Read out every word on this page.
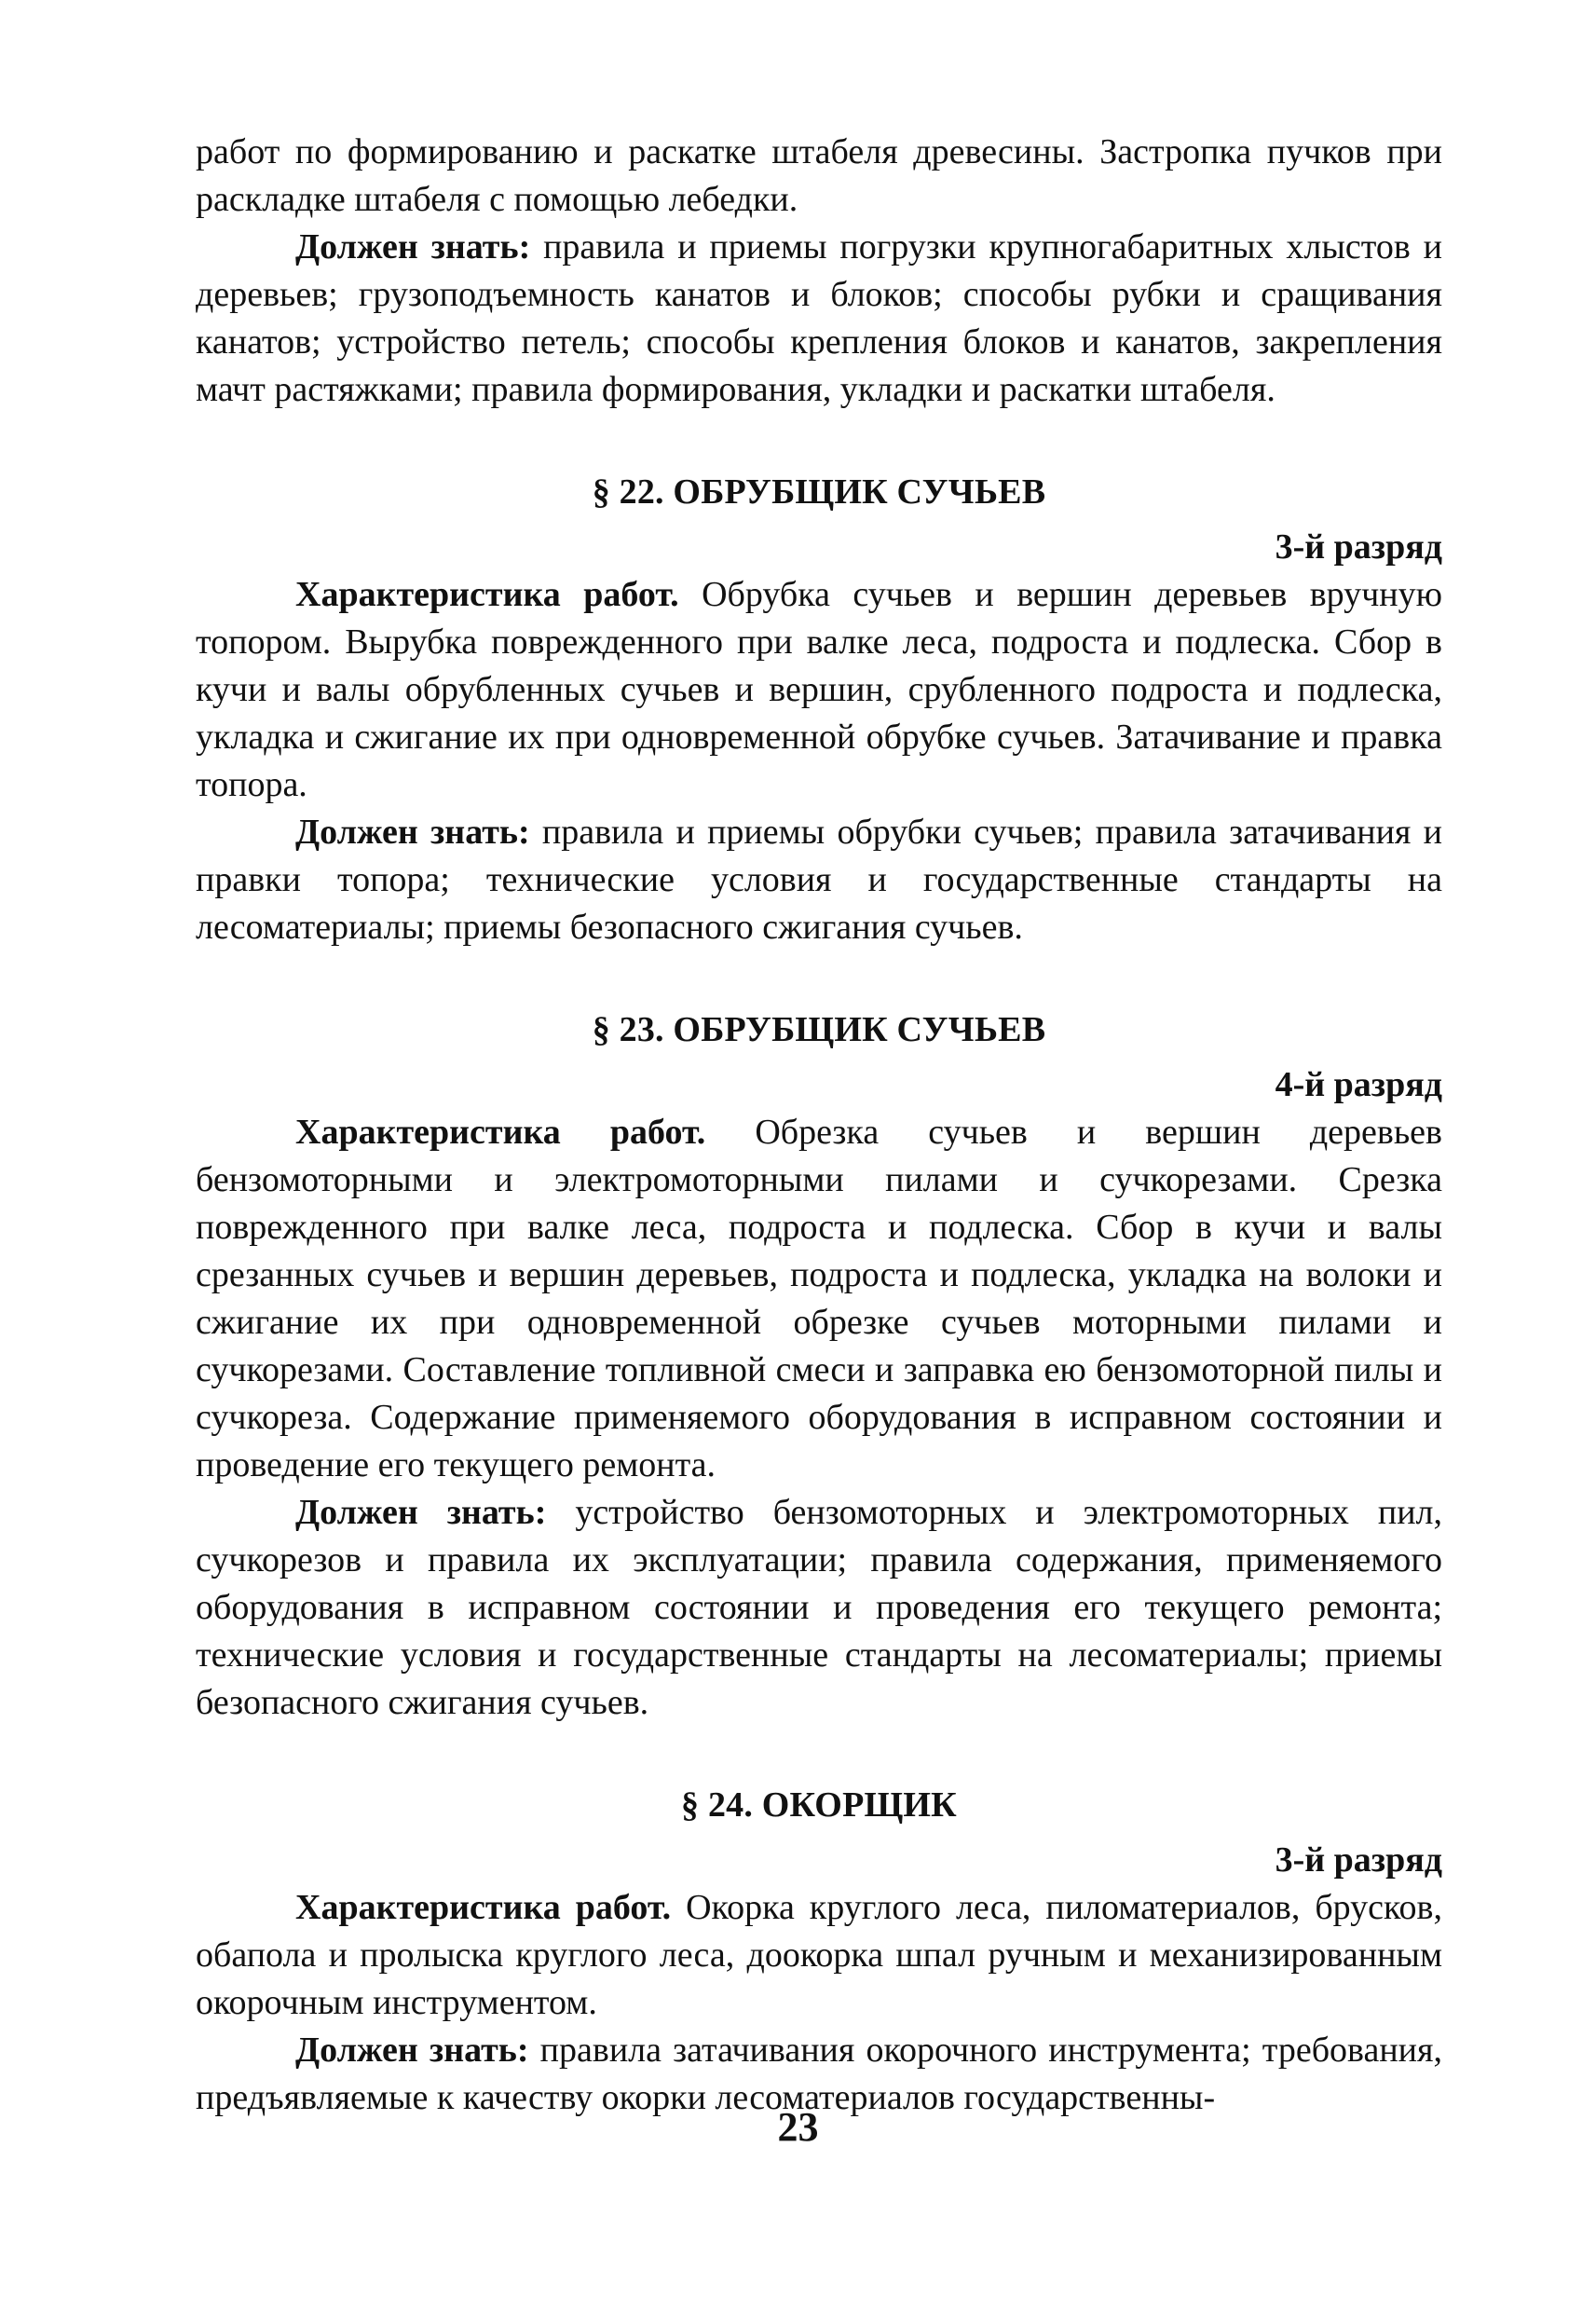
работ по формированию и раскатке штабеля древесины. Застропка пучков при раскладке штабеля с помощью лебедки.

Должен знать: правила и приемы погрузки крупногабаритных хлыстов и деревьев; грузоподъемность канатов и блоков; способы рубки и сращивания канатов; устройство петель; способы крепления блоков и канатов, закрепления мачт растяжками; правила формирования, укладки и раскатки штабеля.

§ 22. ОБРУБЩИК СУЧЬЕВ
3-й разряд

Характеристика работ. Обрубка сучьев и вершин деревьев вручную топором. Вырубка поврежденного при валке леса, подроста и подлеска. Сбор в кучи и валы обрубленных сучьев и вершин, срубленного подроста и подлеска, укладка и сжигание их при одновременной обрубке сучьев. Затачивание и правка топора.

Должен знать: правила и приемы обрубки сучьев; правила затачивания и правки топора; технические условия и государственные стандарты на лесоматериалы; приемы безопасного сжигания сучьев.

§ 23. ОБРУБЩИК СУЧЬЕВ
4-й разряд

Характеристика работ. Обрезка сучьев и вершин деревьев бензомоторными и электромоторными пилами и сучкорезами. Срезка поврежденного при валке леса, подроста и подлеска. Сбор в кучи и валы срезанных сучьев и вершин деревьев, подроста и подлеска, укладка на волоки и сжигание их при одновременной обрезке сучьев моторными пилами и сучкорезами. Составление топливной смеси и заправка ею бензомоторной пилы и сучкореза. Содержание применяемого оборудования в исправном состоянии и проведение его текущего ремонта.

Должен знать: устройство бензомоторных и электромоторных пил, сучкорезов и правила их эксплуатации; правила содержания, применяемого оборудования в исправном состоянии и проведения его текущего ремонта; технические условия и государственные стандарты на лесоматериалы; приемы безопасного сжигания сучьев.

§ 24. ОКОРЩИК
3-й разряд

Характеристика работ. Окорка круглого леса, пиломатериалов, брусков, обапола и пролыска круглого леса, доокорка шпал ручным и механизированным окорочным инструментом.

Должен знать: правила затачивания окорочного инструмента; требования, предъявляемые к качеству окорки лесоматериалов государственны-

23
